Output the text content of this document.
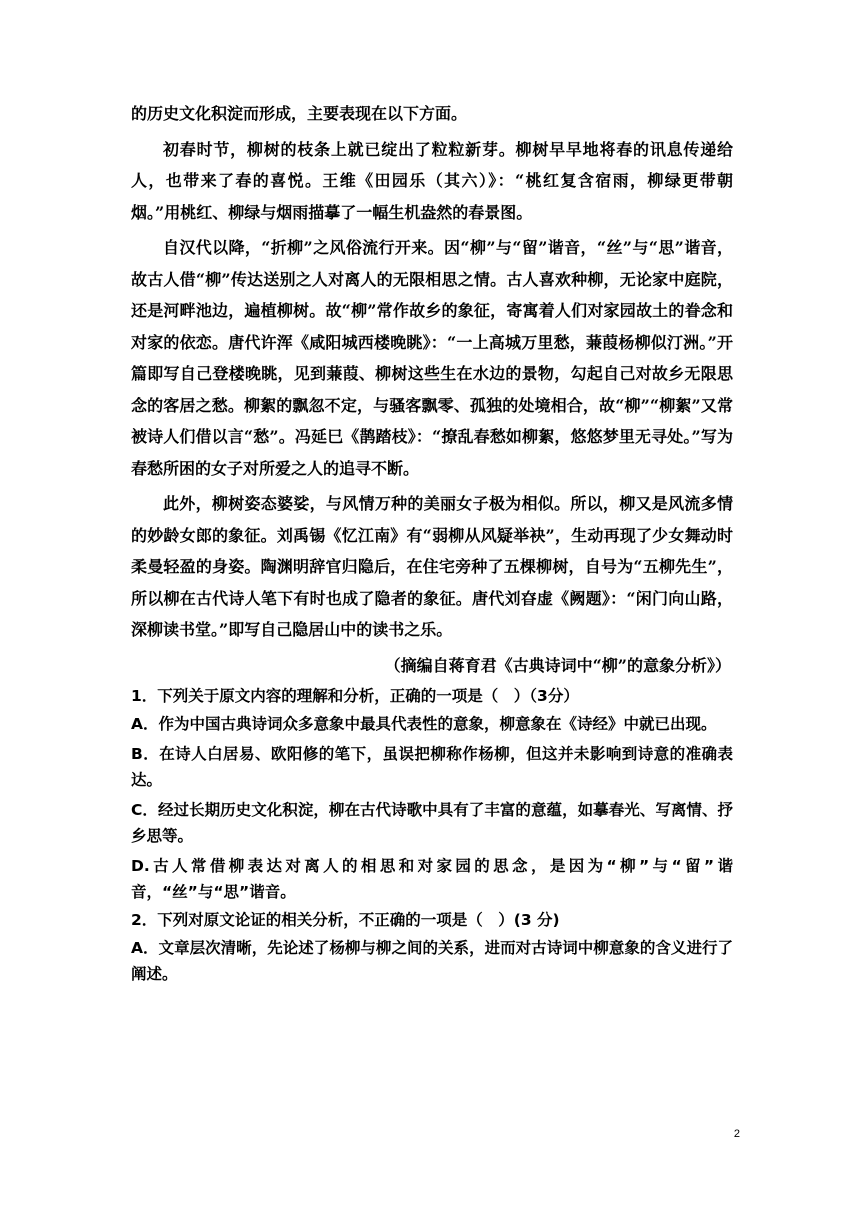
的历史文化积淀而形成，主要表现在以下方面。

初春时节，柳树的枝条上就已绽出了粒粒新芽。柳树早早地将春的讯息传递给人，也带来了春的喜悦。王维《田园乐（其六）》：“桃红复含宿雨，柳绿更带朝烟。”用桃红、柳绿与烟雨描摹了一幅生机盎然的春景图。

自汉代以降，“折柳”之风俗流行开来。因“柳”与“留”谐音，“丝”与“思”谐音，故古人借“柳”传达送别之人对离人的无限相思之情。古人喜欢种柳，无论家中庭院，还是河畔池边，遍植柳树。故“柳”常作故乡的象征，寄寓着人们对家园故土的眷念和对家的依恋。唐代许浑《咸阳城西楼晚眺》：“一上高城万里愁，蒹葭杨柳似汀洲。”开篇即写自己登楼晚眺，见到蒹葭、柳树这些生在水边的景物，勾起自己对故乡无限思念的客居之愁。柳絮的飘忽不定，与骚客飘零、孤独的处境相合，故“柳”“柳絮”又常被诗人们借以言“愁”。冯延巳《鹊踏枝》：“撩乱春愁如柳絮，悠悠梦里无寻处。”写为春愁所困的女子对所爱之人的追寻不断。

此外，柳树姿态婆娑，与风情万种的美丽女子极为相似。所以，柳又是风流多情的妙龄女郎的象征。刘禹锡《忆江南》有“弱柳从风疑举袂”，生动再现了少女舞动时柔曼轻盈的身姿。陶渊明辞官归隐后，在住宅旁种了五棵柳树，自号为“五柳先生”，所以柳在古代诗人笔下有时也成了隐者的象征。唐代刘昚虚《阙题》：“闲门向山路，深柳读书堂。”即写自己隐居山中的读书之乐。

（摘编自蒋育君《古典诗词中“柳”的意象分析》）

1．下列关于原文内容的理解和分析，正确的一项是（　）（3分）

A．作为中国古典诗词众多意象中最具代表性的意象，柳意象在《诗经》中就已出现。

B．在诗人白居易、欧阳修的笔下，虽误把柳称作杨柳，但这并未影响到诗意的准确表达。

C．经过长期历史文化积淀，柳在古代诗歌中具有了丰富的意蕴，如摹春光、写离情、抒乡思等。

D.古人常借柳表达对离人的相思和对家园的思念，是因为“柳”与“留”谐音，“丝”与“思”谐音。

2．下列对原文论证的相关分析，不正确的一项是（　）(3 分)

A．文章层次清晰，先论述了杨柳与柳之间的关系，进而对古诗词中柳意象的含义进行了阐述。

2
